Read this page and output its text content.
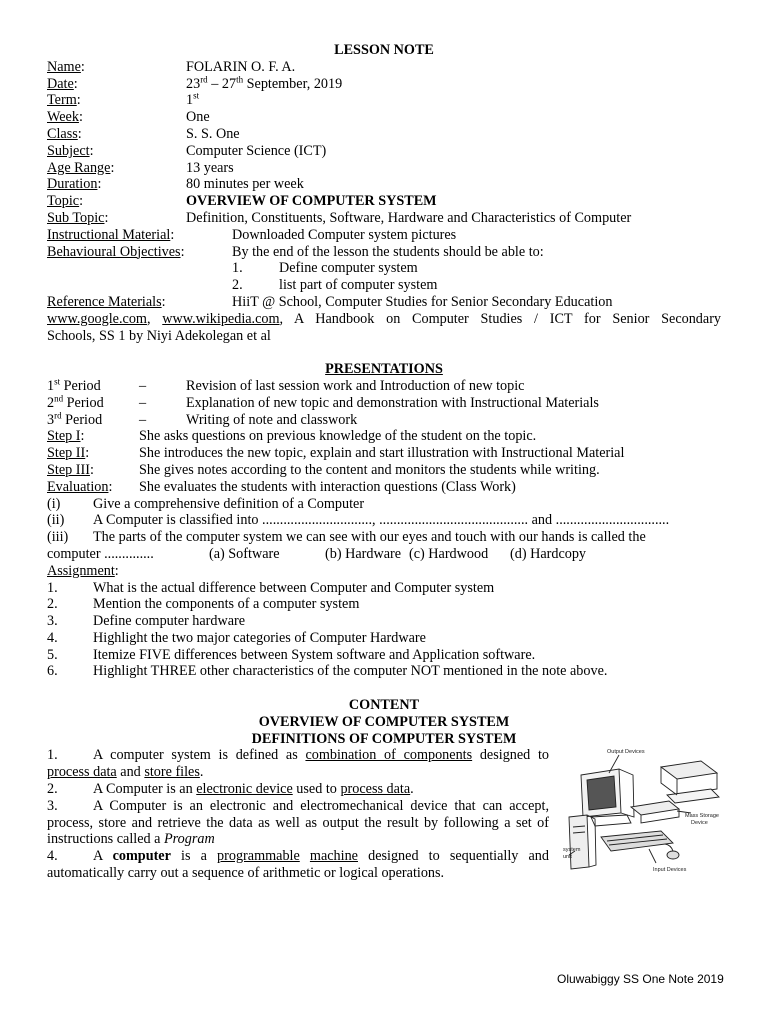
LESSON NOTE
Name:	FOLARIN O. F. A.
Date:	23rd – 27th September, 2019
Term:	1st
Week:	One
Class:	S. S. One
Subject:	Computer Science (ICT)
Age Range:	13 years
Duration:	80 minutes per week
Topic:	OVERVIEW OF COMPUTER SYSTEM
Sub Topic:	Definition, Constituents, Software, Hardware and Characteristics of Computer
Instructional Material:	Downloaded Computer system pictures
Behavioural Objectives:	By the end of the lesson the students should be able to:
1.	Define computer system
2.	list part of computer system
Reference Materials:	HiiT @ School, Computer Studies for Senior Secondary Education
www.google.com, www.wikipedia.com, A Handbook on Computer Studies / ICT for Senior Secondary
Schools, SS 1 by Niyi Adekolegan et al
PRESENTATIONS
1st Period	–	Revision of last session work and Introduction of new topic
2nd Period –	Explanation of new topic and demonstration with Instructional Materials
3rd Period	–	Writing of note and classwork
Step I:	She asks questions on previous knowledge of the student on the topic.
Step II:	She introduces the new topic, explain and start illustration with Instructional Material
Step III:	She gives notes according to the content and monitors the students while writing.
Evaluation: She evaluates the students with interaction questions (Class Work)
(i) Give a comprehensive definition of a Computer
(ii) A Computer is classified into ..............................., .......................................... and ................................
(iii) The parts of the computer system we can see with our eyes and touch with our hands is called the
computer ..............	(a) Software	(b) Hardware (c) Hardwood (d) Hardcopy
Assignment:
1. What is the actual difference between Computer and Computer system
2. Mention the components of a computer system
3. Define computer hardware
4. Highlight the two major categories of Computer Hardware
5. Itemize FIVE differences between System software and Application software.
6. Highlight THREE other characteristics of the computer NOT mentioned in the note above.
CONTENT
OVERVIEW OF COMPUTER SYSTEM
DEFINITIONS OF COMPUTER SYSTEM

1. A computer system is defined as combination of components designed to process data and store files.

2. A Computer is an electronic device used to process data.

3. A Computer is an electronic and electromechanical device that can accept, process, store and retrieve the data as well as output the result by following a set of instructions called a Program

4. A computer is a programmable machine designed to sequentially and automatically carry out a sequence of arithmetic or logical operations.

Output Devices
Mass Storage
Device
system
unit
Input Devices
Oluwabiggy SS One Note 2019
